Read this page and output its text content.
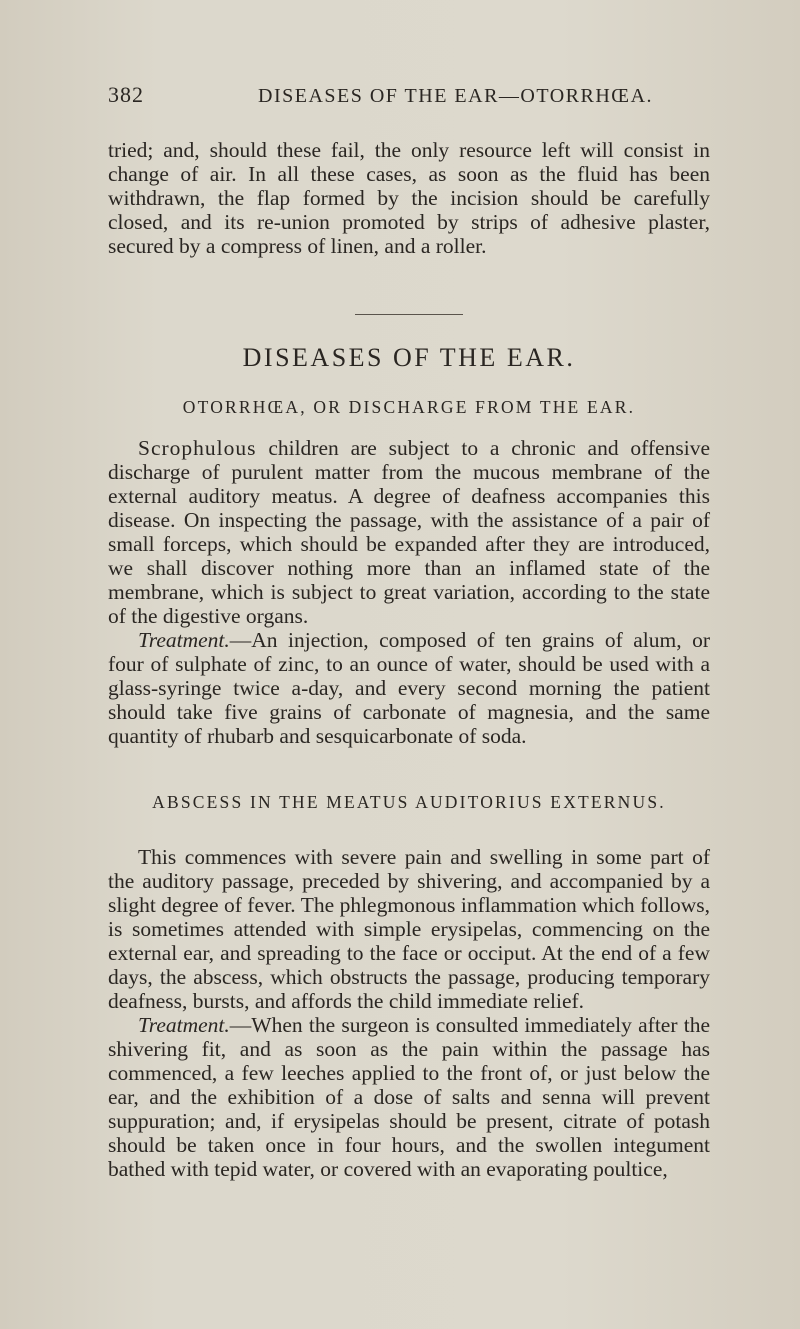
382	DISEASES OF THE EAR—OTORRHŒA.

tried; and, should these fail, the only resource left will consist in change of air. In all these cases, as soon as the fluid has been withdrawn, the flap formed by the incision should be carefully closed, and its re-union promoted by strips of adhesive plaster, secured by a compress of linen, and a roller.

DISEASES OF THE EAR.
OTORRHŒA, OR DISCHARGE FROM THE EAR.

Scrophulous children are subject to a chronic and offensive discharge of purulent matter from the mucous membrane of the external auditory meatus. A degree of deafness accompanies this disease. On inspecting the passage, with the assistance of a pair of small forceps, which should be expanded after they are introduced, we shall discover nothing more than an inflamed state of the membrane, which is subject to great variation, according to the state of the digestive organs.

Treatment.—An injection, composed of ten grains of alum, or four of sulphate of zinc, to an ounce of water, should be used with a glass-syringe twice a-day, and every second morning the patient should take five grains of carbonate of magnesia, and the same quantity of rhubarb and sesquicarbonate of soda.

ABSCESS IN THE MEATUS AUDITORIUS EXTERNUS.

This commences with severe pain and swelling in some part of the auditory passage, preceded by shivering, and accompanied by a slight degree of fever. The phlegmonous inflammation which follows, is sometimes attended with simple erysipelas, commencing on the external ear, and spreading to the face or occiput. At the end of a few days, the abscess, which obstructs the passage, producing temporary deafness, bursts, and affords the child immediate relief.

Treatment.—When the surgeon is consulted immediately after the shivering fit, and as soon as the pain within the passage has commenced, a few leeches applied to the front of, or just below the ear, and the exhibition of a dose of salts and senna will prevent suppuration; and, if erysipelas should be present, citrate of potash should be taken once in four hours, and the swollen integument bathed with tepid water, or covered with an evaporating poultice,
